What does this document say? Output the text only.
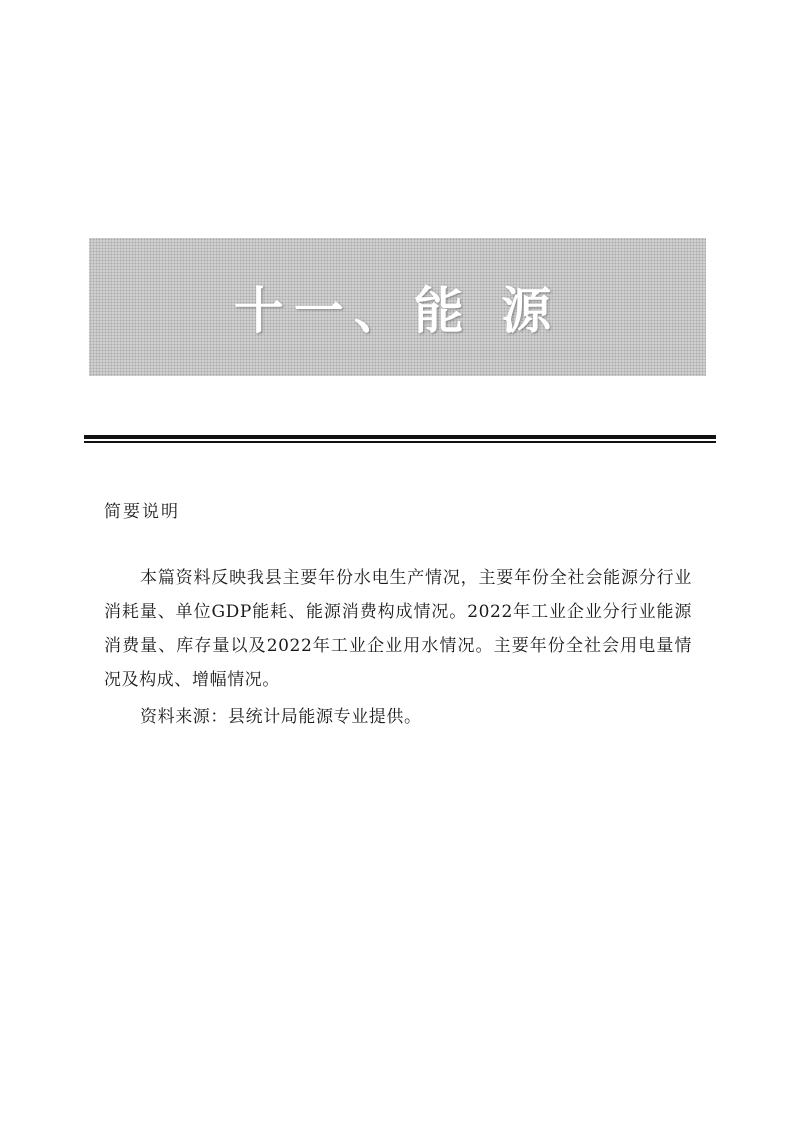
十一、能 源
简要说明

本篇资料反映我县主要年份水电生产情况，主要年份全社会能源分行业消耗量、单位GDP能耗、能源消费构成情况。2022年工业企业分行业能源消费量、库存量以及2022年工业企业用水情况。主要年份全社会用电量情况及构成、增幅情况。

资料来源：县统计局能源专业提供。
